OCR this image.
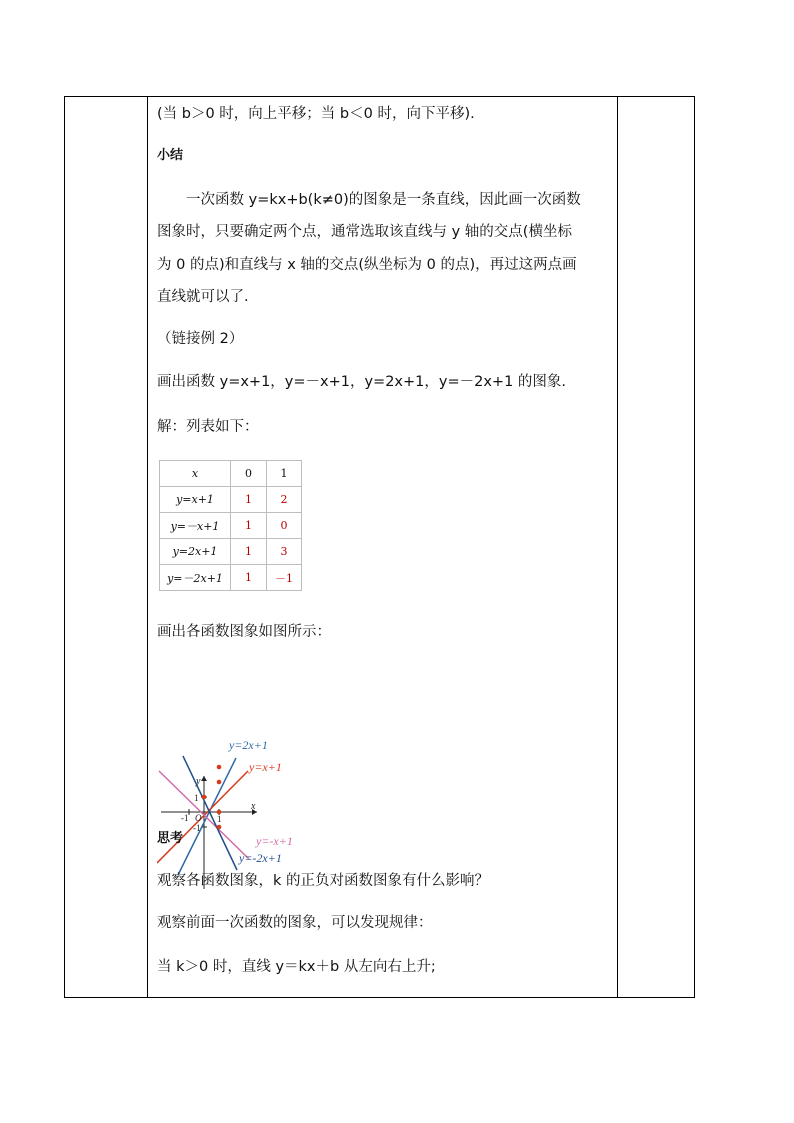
(当 b＞0 时，向上平移；当 b＜0 时，向下平移).
小结
一次函数 y=kx+b(k≠0)的图象是一条直线，因此画一次函数
图象时，只要确定两个点，通常选取该直线与 y 轴的交点(横坐标
为 0 的点)和直线与 x 轴的交点(纵坐标为 0 的点)，再过这两点画
直线就可以了.
（链接例 2）
画出函数 y=x+1，y=－x+1，y=2x+1，y=－2x+1 的图象.
解：列表如下：
x	0	1
y=x+1	1	2
y=－x+1	1	0
y=2x+1	1	3
y=－2x+1	1	－1
画出各函数图象如图所示：
y=2x+1
y=x+1
y=-x+1
y=-2x+1
x
y
O
-1	1
1
-1
思考
观察各函数图象，k 的正负对函数图象有什么影响？
观察前面一次函数的图象，可以发现规律：
当 k＞0 时，直线 y＝kx＋b 从左向右上升;
